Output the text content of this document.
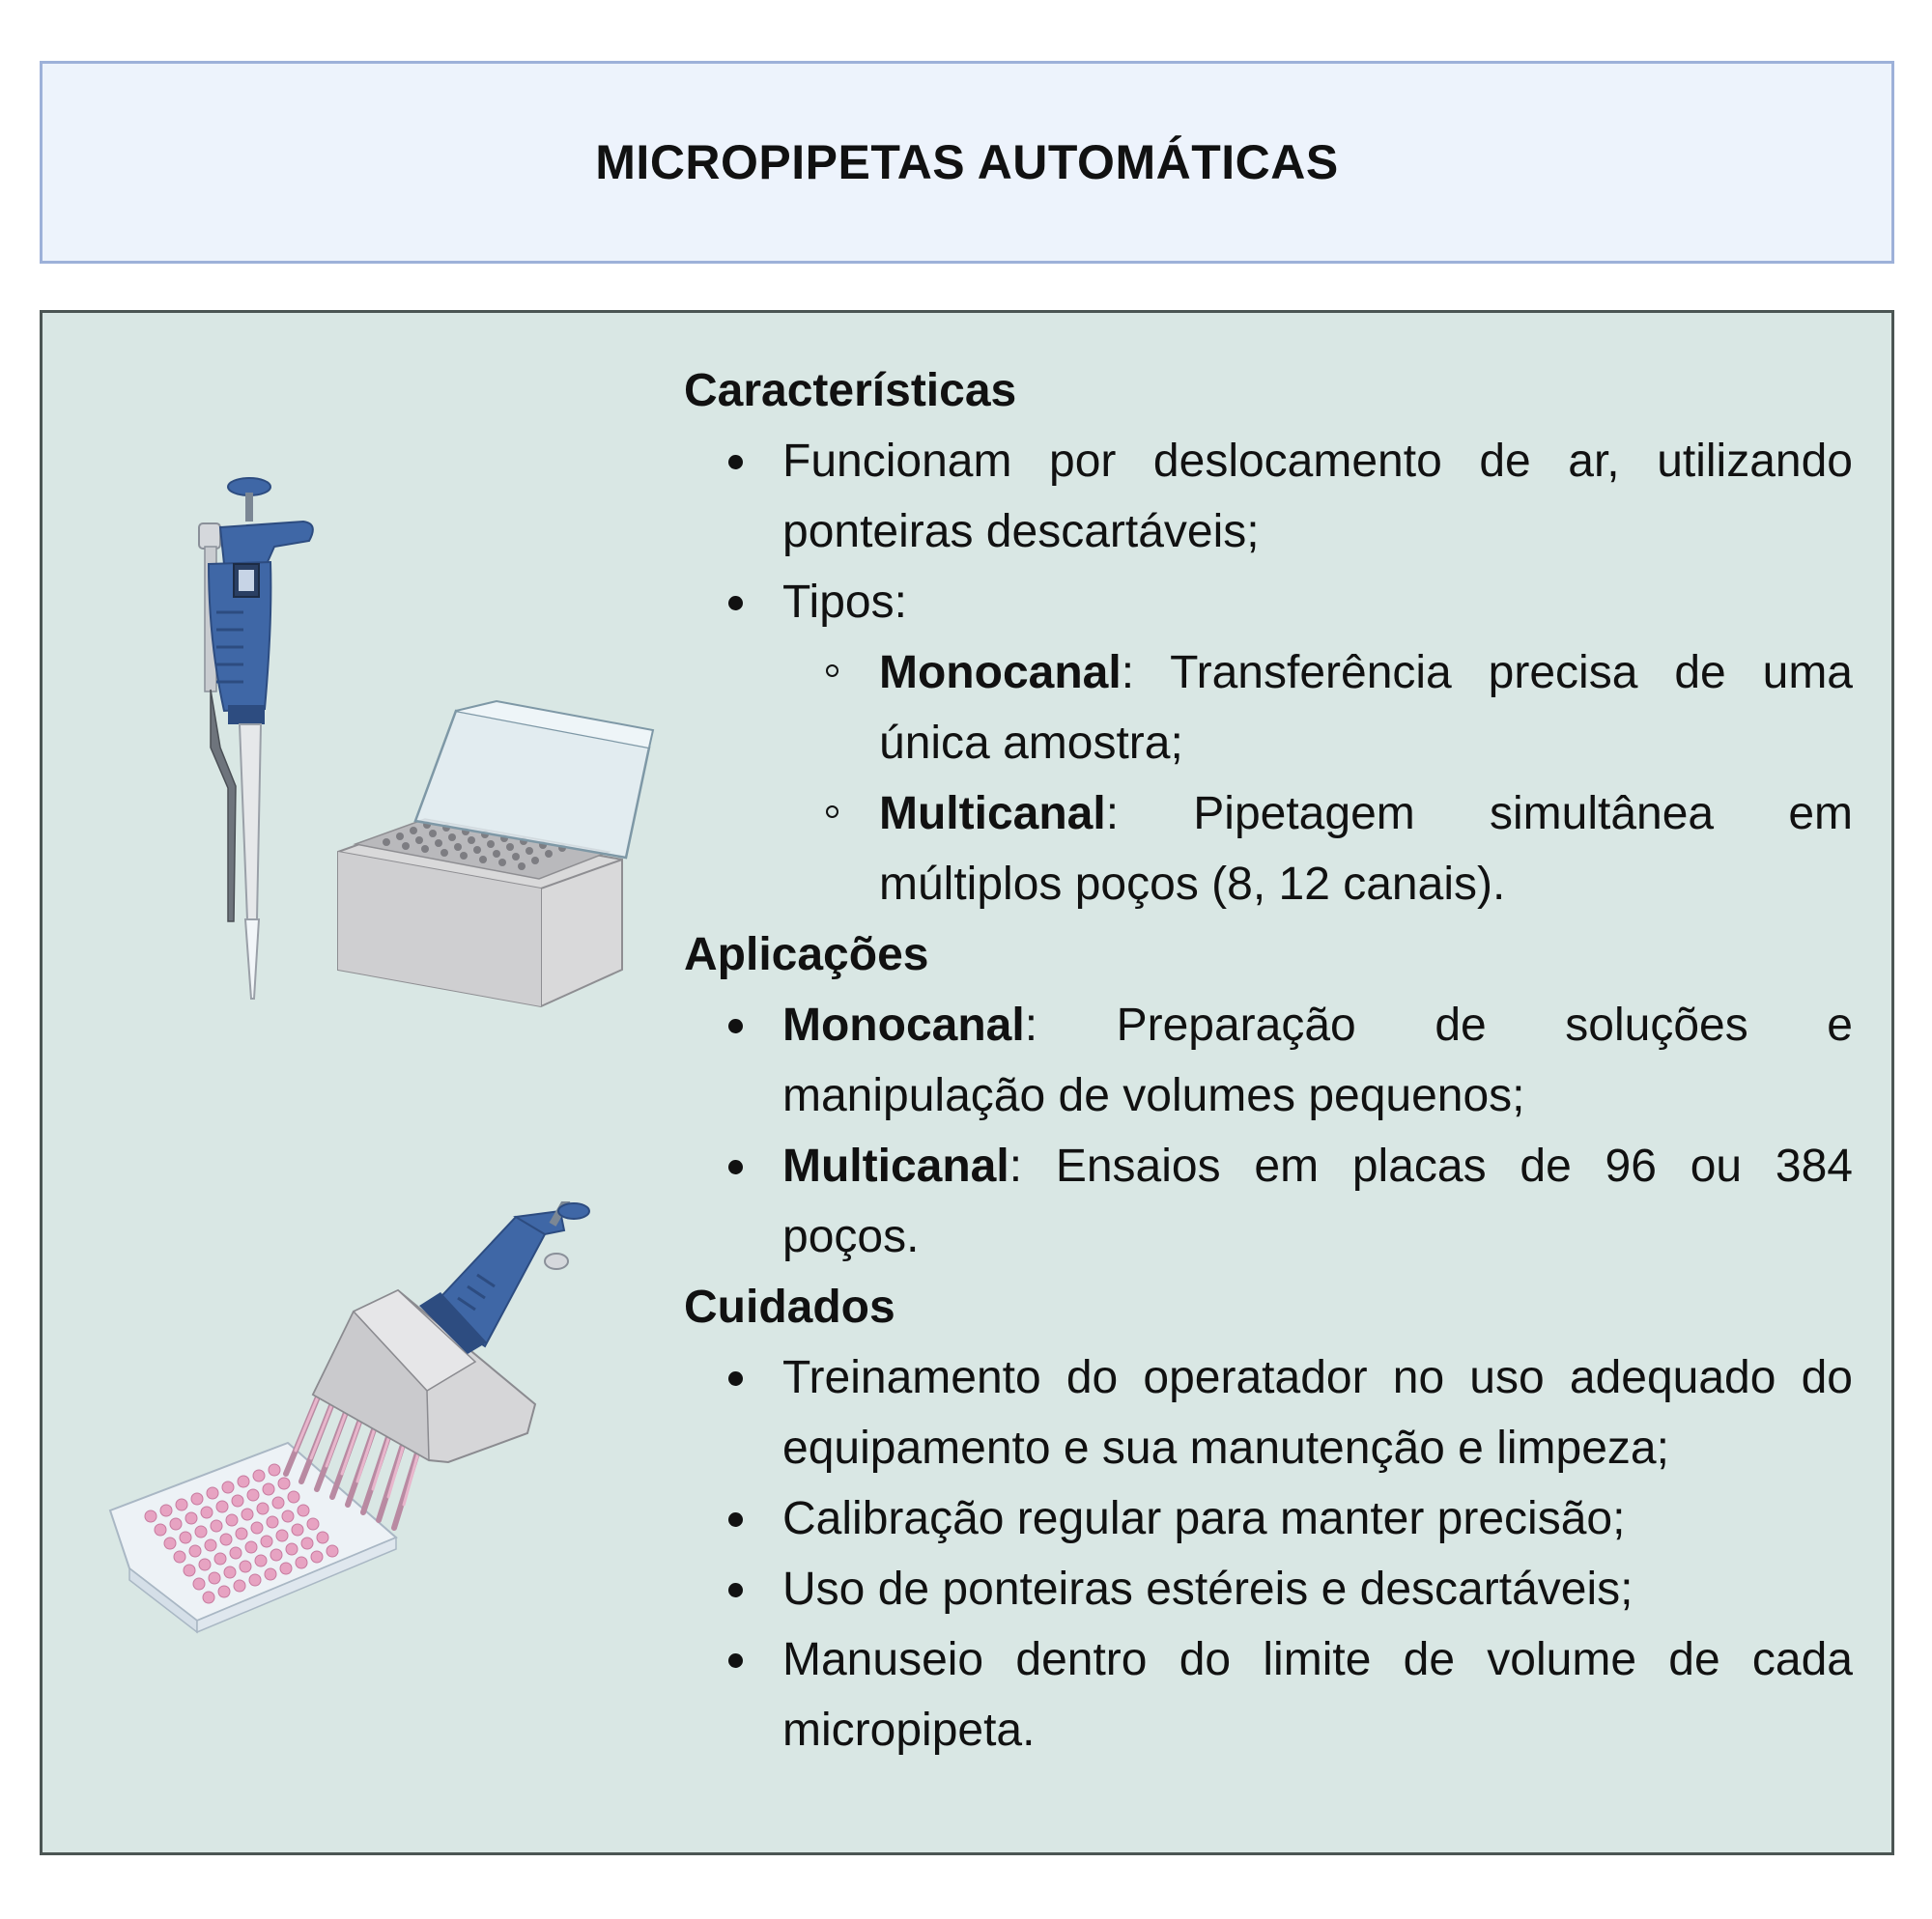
MICROPIPETAS AUTOMÁTICAS

Características

Funcionam por deslocamento de ar, utilizando ponteiras descartáveis;
Tipos:
Monocanal: Transferência precisa de uma única amostra;
Multicanal: Pipetagem simultânea em múltiplos poços (8, 12 canais).

Aplicações

Monocanal: Preparação de soluções e manipulação de volumes pequenos;
Multicanal: Ensaios em placas de 96 ou 384 poços.

Cuidados

Treinamento do operatador no uso adequado do equipamento e sua manutenção e limpeza;
Calibração regular para manter precisão;
Uso de ponteiras estéreis e descartáveis;
Manuseio dentro do limite de volume de cada micropipeta.
